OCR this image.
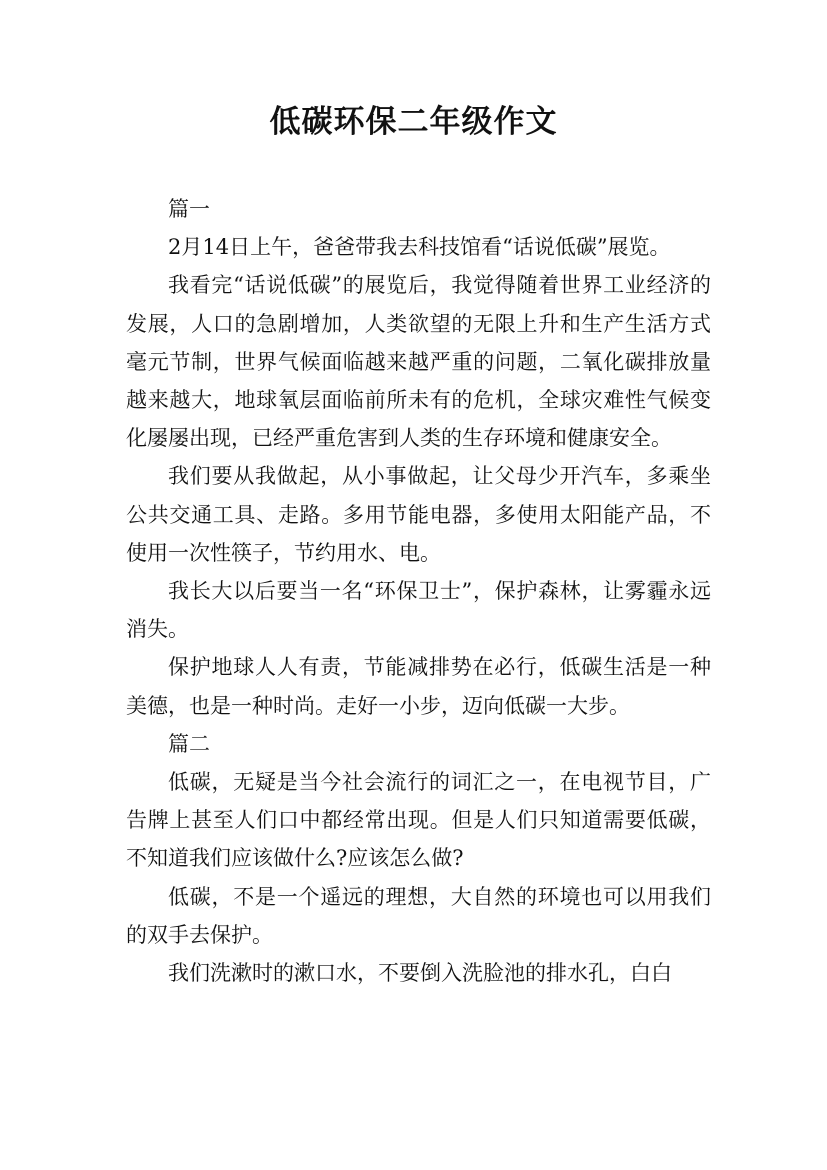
低碳环保二年级作文

篇一

2月14日上午，爸爸带我去科技馆看“话说低碳”展览。

我看完“话说低碳”的展览后，我觉得随着世界工业经济的发展，人口的急剧增加，人类欲望的无限上升和生产生活方式毫元节制，世界气候面临越来越严重的问题，二氧化碳排放量越来越大，地球氧层面临前所未有的危机，全球灾难性气候变化屡屡出现，已经严重危害到人类的生存环境和健康安全。

我们要从我做起，从小事做起，让父母少开汽车，多乘坐公共交通工具、走路。多用节能电器，多使用太阳能产品，不使用一次性筷子，节约用水、电。

我长大以后要当一名“环保卫士”，保护森林，让雾霾永远消失。

保护地球人人有责，节能减排势在必行，低碳生活是一种美德，也是一种时尚。走好一小步，迈向低碳一大步。

篇二

低碳，无疑是当今社会流行的词汇之一，在电视节目，广告牌上甚至人们口中都经常出现。但是人们只知道需要低碳，不知道我们应该做什么?应该怎么做?

低碳，不是一个遥远的理想，大自然的环境也可以用我们的双手去保护。

我们洗漱时的漱口水，不要倒入洗脸池的排水孔，白白
